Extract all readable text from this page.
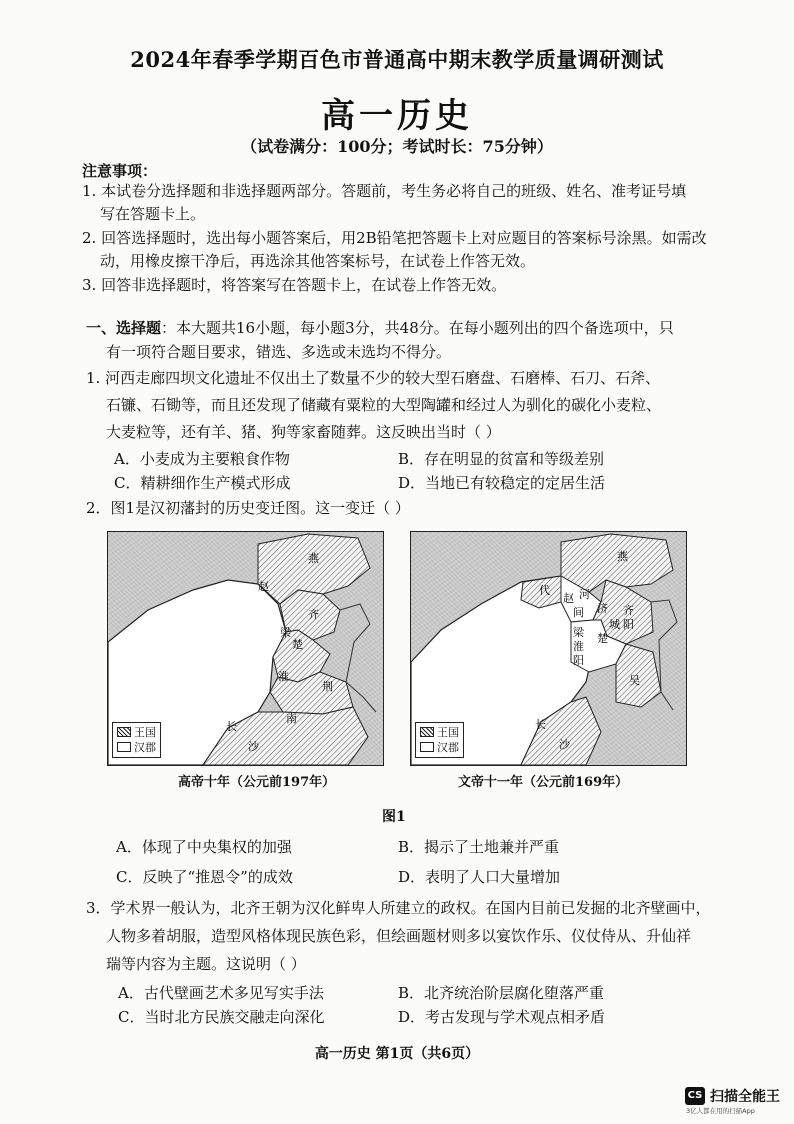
2024年春季学期百色市普通高中期末教学质量调研测试
高一历史
（试卷满分：100分；考试时长：75分钟）
注意事项：
1. 本试卷分选择题和非选择题两部分。答题前，考生务必将自己的班级、姓名、准考证号填
写在答题卡上。
2. 回答选择题时，选出每小题答案后，用2B铅笔把答题卡上对应题目的答案标号涂黑。如需改
动，用橡皮擦干净后，再选涂其他答案标号，在试卷上作答无效。
3. 回答非选择题时，将答案写在答题卡上，在试卷上作答无效。
一、选择题：本大题共16小题，每小题3分，共48分。在每小题列出的四个备选项中，只
有一项符合题目要求，错选、多选或未选均不得分。
1. 河西走廊四坝文化遗址不仅出土了数量不少的较大型石磨盘、石磨棒、石刀、石斧、
石镰、石锄等，而且还发现了储藏有粟粒的大型陶罐和经过人为驯化的碳化小麦粒、
大麦粒等，还有羊、猪、狗等家畜随葬。这反映出当时（ ）
A．小麦成为主要粮食作物	B．存在明显的贫富和等级差别
C．精耕细作生产模式形成	D．当地已有较稳定的定居生活
2．图1是汉初藩封的历史变迁图。这一变迁（ ）
燕
赵
齐
梁
楚
淮
荆
长
沙
南
王国
汉郡
高帝十年（公元前197年）
燕
代
赵 河
间 济 齐
城 阳
梁
淮
阳
楚
吴
长
沙
王国
汉郡
文帝十一年（公元前169年）
图1
A．体现了中央集权的加强	B．揭示了土地兼并严重
C．反映了“推恩令”的成效	D．表明了人口大量增加
3．学术界一般认为，北齐王朝为汉化鲜卑人所建立的政权。在国内目前已发掘的北齐壁画中，
人物多着胡服，造型风格体现民族色彩，但绘画题材则多以宴饮作乐、仪仗侍从、升仙祥
瑞等内容为主题。这说明（ ）
A．古代壁画艺术多见写实手法	B．北齐统治阶层腐化堕落严重
C．当时北方民族交融走向深化	D．考古发现与学术观点相矛盾
高一历史 第1页（共6页）
CS 扫描全能王
3亿人都在用的扫描App
